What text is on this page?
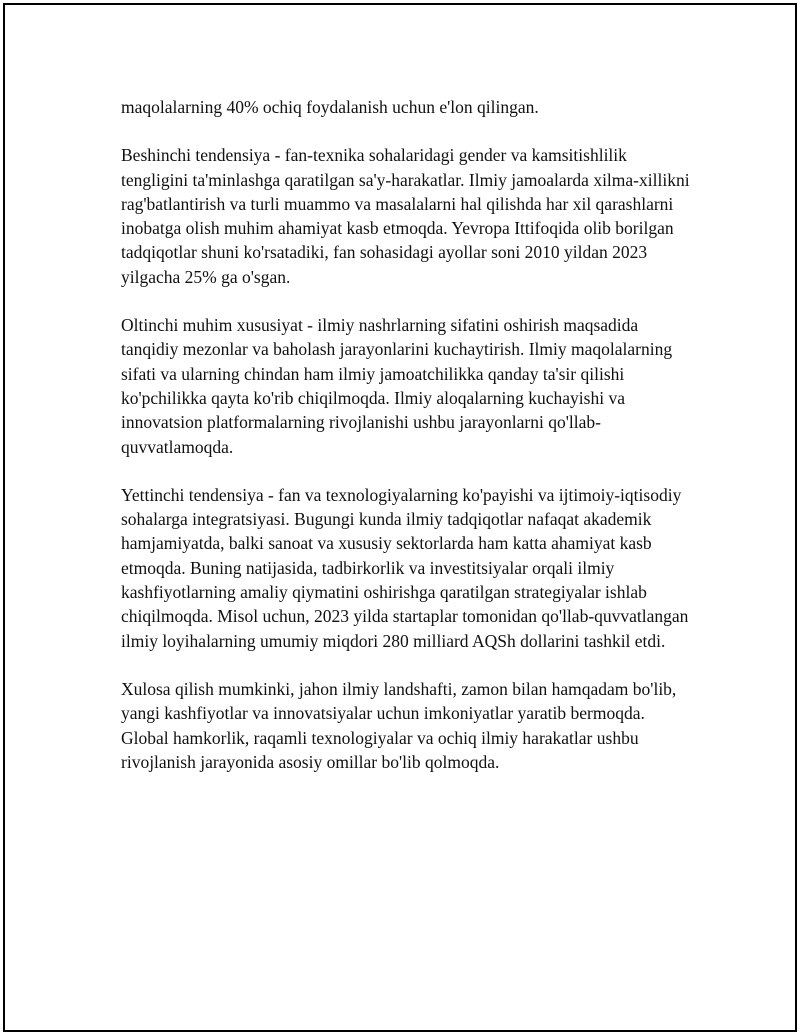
maqolalarning 40% ochiq foydalanish uchun e'lon qilingan.

Beshinchi tendensiya - fan-texnika sohalaridagi gender va kamsitishlilik tengligini ta'minlashga qaratilgan sa'y-harakatlar. Ilmiy jamoalarda xilma-xillikni rag'batlantirish va turli muammo va masalalarni hal qilishda har xil qarashlarni inobatga olish muhim ahamiyat kasb etmoqda. Yevropa Ittifoqida olib borilgan tadqiqotlar shuni ko'rsatadiki, fan sohasidagi ayollar soni 2010 yildan 2023 yilgacha 25% ga o'sgan.

Oltinchi muhim xususiyat - ilmiy nashrlarning sifatini oshirish maqsadida tanqidiy mezonlar va baholash jarayonlarini kuchaytirish. Ilmiy maqolalarning sifati va ularning chindan ham ilmiy jamoatchilikka qanday ta'sir qilishi ko'pchilikka qayta ko'rib chiqilmoqda. Ilmiy aloqalarning kuchayishi va innovatsion platformalarning rivojlanishi ushbu jarayonlarni qo'llab-quvvatlamoqda.

Yettinchi tendensiya - fan va texnologiyalarning ko'payishi va ijtimoiy-iqtisodiy sohalarga integratsiyasi. Bugungi kunda ilmiy tadqiqotlar nafaqat akademik hamjamiyatda, balki sanoat va xususiy sektorlarda ham katta ahamiyat kasb etmoqda. Buning natijasida, tadbirkorlik va investitsiyalar orqali ilmiy kashfiyotlarning amaliy qiymatini oshirishga qaratilgan strategiyalar ishlab chiqilmoqda. Misol uchun, 2023 yilda startaplar tomonidan qo'llab-quvvatlangan ilmiy loyihalarning umumiy miqdori 280 milliard AQSh dollarini tashkil etdi.

Xulosa qilish mumkinki, jahon ilmiy landshafti, zamon bilan hamqadam bo'lib, yangi kashfiyotlar va innovatsiyalar uchun imkoniyatlar yaratib bermoqda. Global hamkorlik, raqamli texnologiyalar va ochiq ilmiy harakatlar ushbu rivojlanish jarayonida asosiy omillar bo'lib qolmoqda.
